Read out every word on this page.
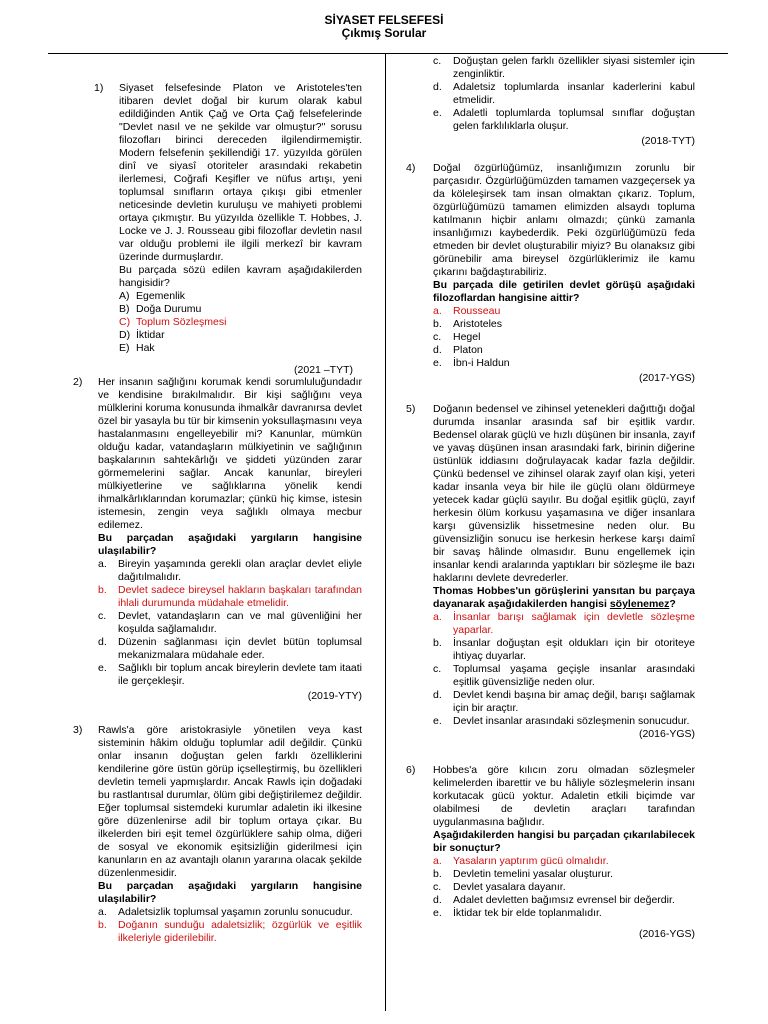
SİYASET FELSEFESİ
Çıkmış Sorular
1)	Siyaset felsefesinde Platon ve Aristoteles'ten itibaren devlet doğal bir kurum olarak kabul edildiğinden Antik Çağ ve Orta Çağ felsefelerinde "Devlet nasıl ve ne şekilde var olmuştur?" sorusu filozofları birinci dereceden ilgilendirmemiştir. Modern felsefenin şekillendiği 17. yüzyılda görülen dinî ve siyasî otoriteler arasındaki rekabetin ilerlemesi, Coğrafi Keşifler ve nüfus artışı, yeni toplumsal sınıfların ortaya çıkışı gibi etmenler neticesinde devletin kuruluşu ve mahiyeti problemi ortaya çıkmıştır. Bu yüzyılda özellikle T. Hobbes, J. Locke ve J. J. Rousseau gibi filozoflar devletin nasıl var olduğu problemi ile ilgili merkezî bir kavram üzerinde durmuşlardır.

Bu parçada sözü edilen kavram aşağıdakilerden hangisidir?

A) Egemenlik

B) Doğa Durumu

C) Toplum Sözleşmesi

D) İktidar

E) Hak

(2021 –TYT)

2)	Her insanın sağlığını korumak kendi sorumluluğundadır ve kendisine bırakılmalıdır. Bir kişi sağlığını veya mülklerini koruma konusunda ihmalkâr davranırsa devlet özel bir yasayla bu tür bir kimsenin yoksullaşmasını veya hastalanmasını engelleyebilir mi? Kanunlar, mümkün olduğu kadar, vatandaşların mülkiyetinin ve sağlığının başkalarının sahtekârlığı ve şiddeti yüzünden zarar görmemelerini sağlar. Ancak kanunlar, bireyleri mülkiyetlerine ve sağlıklarına yönelik kendi ihmalkârlıklarından korumazlar; çünkü hiç kimse, istesin istemesin, zengin veya sağlıklı olmaya mecbur edilemez.

Bu parçadan aşağıdaki yargıların hangisine ulaşılabilir?

a. Bireyin yaşamında gerekli olan araçlar devlet eliyle dağıtılmalıdır.

b. Devlet sadece bireysel hakların başkaları tarafından ihlali durumunda müdahale etmelidir.

c. Devlet, vatandaşların can ve mal güvenliğini her koşulda sağlamalıdır.

d. Düzenin sağlanması için devlet bütün toplumsal mekanizmalara müdahale eder.

e. Sağlıklı bir toplum ancak bireylerin devlete tam itaati ile gerçekleşir.

(2019-YTY)

3)	Rawls'a göre aristokrasiyle yönetilen veya kast sisteminin hâkim olduğu toplumlar adil değildir. Çünkü onlar insanın doğuştan gelen farklı özelliklerini kendilerine göre üstün görüp içselleştirmiş, bu özellikleri devletin temeli yapmışlardır. Ancak Rawls için doğadaki bu rastlantısal durumlar, ölüm gibi değiştirilemez değildir. Eğer toplumsal sistemdeki kurumlar adaletin iki ilkesine göre düzenlenirse adil bir toplum ortaya çıkar. Bu ilkelerden biri eşit temel özgürlüklere sahip olma, diğeri de sosyal ve ekonomik eşitsizliğin giderilmesi için kanunların en az avantajlı olanın yararına olacak şekilde düzenlenmesidir.

Bu parçadan aşağıdaki yargıların hangisine ulaşılabilir?

a. Adaletsizlik toplumsal yaşamın zorunlu sonucudur.

b. Doğanın sunduğu adaletsizlik; özgürlük ve eşitlik ilkeleriyle giderilebilir.

c. Doğuştan gelen farklı özellikler siyasi sistemler için zenginliktir.

d. Adaletsiz toplumlarda insanlar kaderlerini kabul etmelidir.

e. Adaletli toplumlarda toplumsal sınıflar doğuştan gelen farklılıklarla oluşur.

(2018-TYT)

4)	Doğal özgürlüğümüz, insanlığımızın zorunlu bir parçasıdır. Özgürlüğümüzden tamamen vazgeçersek ya da köleleşirsek tam insan olmaktan çıkarız. Toplum, özgürlüğümüzü tamamen elimizden alsaydı topluma katılmanın hiçbir anlamı olmazdı; çünkü zamanla insanlığımızı kaybederdik. Peki özgürlüğümüzü feda etmeden bir devlet oluşturabilir miyiz? Bu olanaksız gibi görünebilir ama bireysel özgürlüklerimiz ile kamu çıkarını bağdaştırabiliriz.

Bu parçada dile getirilen devlet görüşü aşağıdaki filozoflardan hangisine aittir?

a. Rousseau

b. Aristoteles

c. Hegel

d. Platon

e. İbn-i Haldun

(2017-YGS)

5)	Doğanın bedensel ve zihinsel yetenekleri dağıttığı doğal durumda insanlar arasında saf bir eşitlik vardır. Bedensel olarak güçlü ve hızlı düşünen bir insanla, zayıf ve yavaş düşünen insan arasındaki fark, birinin diğerine üstünlük iddiasını doğrulayacak kadar fazla değildir. Çünkü bedensel ve zihinsel olarak zayıf olan kişi, yeteri kadar insanla veya bir hile ile güçlü olanı öldürmeye yetecek kadar güçlü sayılır. Bu doğal eşitlik güçlü, zayıf herkesin ölüm korkusu yaşamasına ve diğer insanlara karşı güvensizlik hissetmesine neden olur. Bu güvensizliğin sonucu ise herkesin herkese karşı daimî bir savaş hâlinde olmasıdır. Bunu engellemek için insanlar kendi aralarında yaptıkları bir sözleşme ile bazı haklarını devlete devrederler.

Thomas Hobbes'un görüşlerini yansıtan bu parçaya dayanarak aşağıdakilerden hangisi söylenemez?

a. İnsanlar barışı sağlamak için devletle sözleşme yaparlar.

b. İnsanlar doğuştan eşit oldukları için bir otoriteye ihtiyaç duyarlar.

c. Toplumsal yaşama geçişle insanlar arasındaki eşitlik güvensizliğe neden olur.

d. Devlet kendi başına bir amaç değil, barışı sağlamak için bir araçtır.

e. Devlet insanlar arasındaki sözleşmenin sonucudur.

(2016-YGS)

6)	Hobbes'a göre kılıcın zoru olmadan sözleşmeler kelimelerden ibarettir ve bu hâliyle sözleşmelerin insanı korkutacak gücü yoktur. Adaletin etkili biçimde var olabilmesi de devletin araçları tarafından uygulanmasına bağlıdır.

Aşağıdakilerden hangisi bu parçadan çıkarılabilecek bir sonuçtur?

a. Yasaların yaptırım gücü olmalıdır.

b. Devletin temelini yasalar oluşturur.

c. Devlet yasalara dayanır.

d. Adalet devletten bağımsız evrensel bir değerdir.

e. İktidar tek bir elde toplanmalıdır.

(2016-YGS)
